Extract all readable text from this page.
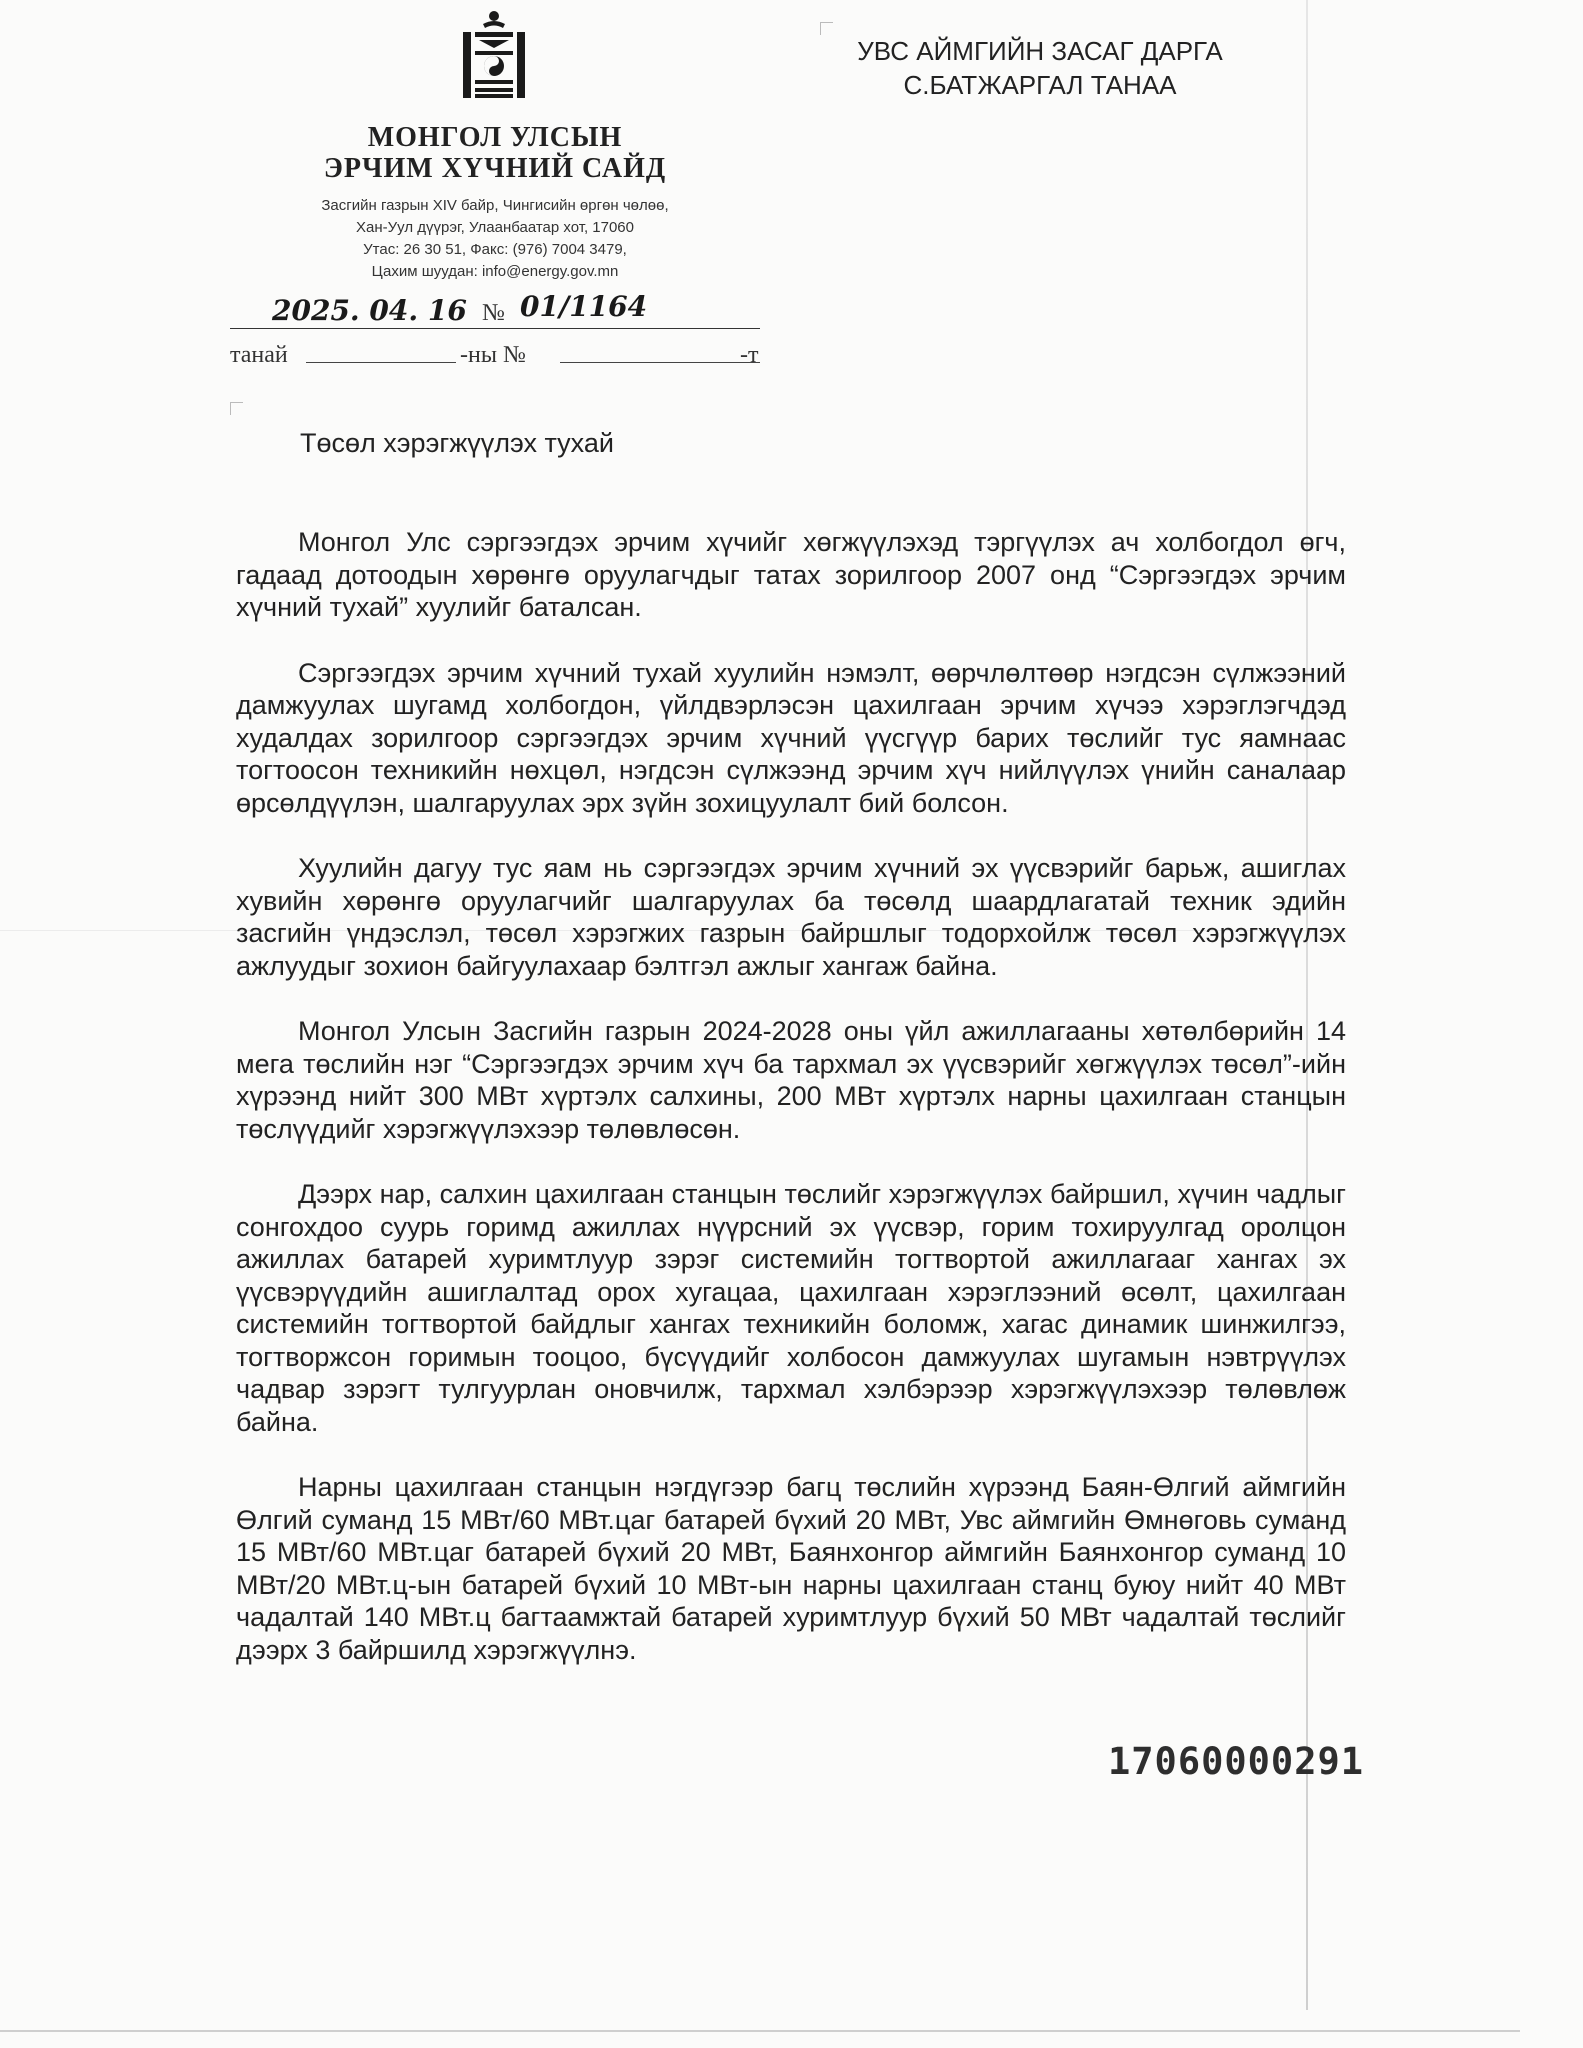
МОНГОЛ УЛСЫН
ЭРЧИМ ХҮЧНИЙ САЙД
Засгийн газрын XIV байр, Чингисийн өргөн чөлөө,
Хан-Уул дүүрэг, Улаанбаатар хот, 17060
Утас: 26 30 51, Факс: (976) 7004 3479,
Цахим шуудан: info@energy.gov.mn
УВС АЙМГИЙН ЗАСАГ ДАРГА
С.БАТЖАРГАЛ ТАНАА
2025. 04. 16 № 01/1164
танай	-ны №	-т
Төсөл хэрэгжүүлэх тухай

Монгол Улс сэргээгдэх эрчим хүчийг хөгжүүлэхэд тэргүүлэх ач холбогдол өгч, гадаад дотоодын хөрөнгө оруулагчдыг татах зорилгоор 2007 онд “Сэргээгдэх эрчим хүчний тухай” хуулийг баталсан.

Сэргээгдэх эрчим хүчний тухай хуулийн нэмэлт, өөрчлөлтөөр нэгдсэн сүлжээний дамжуулах шугамд холбогдон, үйлдвэрлэсэн цахилгаан эрчим хүчээ хэрэглэгчдэд худалдах зорилгоор сэргээгдэх эрчим хүчний үүсгүүр барих төслийг тус яамнаас тогтоосон техникийн нөхцөл, нэгдсэн сүлжээнд эрчим хүч нийлүүлэх үнийн саналаар өрсөлдүүлэн, шалгаруулах эрх зүйн зохицуулалт бий болсон.

Хуулийн дагуу тус яам нь сэргээгдэх эрчим хүчний эх үүсвэрийг барьж, ашиглах хувийн хөрөнгө оруулагчийг шалгаруулах ба төсөлд шаардлагатай техник эдийн засгийн үндэслэл, төсөл хэрэгжих газрын байршлыг тодорхойлж төсөл хэрэгжүүлэх ажлуудыг зохион байгуулахаар бэлтгэл ажлыг хангаж байна.

Монгол Улсын Засгийн газрын 2024-2028 оны үйл ажиллагааны хөтөлбөрийн 14 мега төслийн нэг “Сэргээгдэх эрчим хүч ба тархмал эх үүсвэрийг хөгжүүлэх төсөл”-ийн хүрээнд нийт 300 МВт хүртэлх салхины, 200 МВт хүртэлх нарны цахилгаан станцын төслүүдийг хэрэгжүүлэхээр төлөвлөсөн.

Дээрх нар, салхин цахилгаан станцын төслийг хэрэгжүүлэх байршил, хүчин чадлыг сонгохдоо суурь горимд ажиллах нүүрсний эх үүсвэр, горим тохируулгад оролцон ажиллах батарей хуримтлуур зэрэг системийн тогтвортой ажиллагааг хангах эх үүсвэрүүдийн ашиглалтад орох хугацаа, цахилгаан хэрэглээний өсөлт, цахилгаан системийн тогтвортой байдлыг хангах техникийн боломж, хагас динамик шинжилгээ, тогтворжсон горимын тооцоо, бүсүүдийг холбосон дамжуулах шугамын нэвтрүүлэх чадвар зэрэгт тулгуурлан оновчилж, тархмал хэлбэрээр хэрэгжүүлэхээр төлөвлөж байна.

Нарны цахилгаан станцын нэгдүгээр багц төслийн хүрээнд Баян-Өлгий аймгийн Өлгий суманд 15 МВт/60 МВт.цаг батарей бүхий 20 МВт, Увс аймгийн Өмнөговь суманд 15 МВт/60 МВт.цаг батарей бүхий 20 МВт, Баянхонгор аймгийн Баянхонгор суманд 10 МВт/20 МВт.ц-ын батарей бүхий 10 МВт-ын нарны цахилгаан станц буюу нийт 40 МВт чадалтай 140 МВт.ц багтаамжтай батарей хуримтлуур бүхий 50 МВт чадалтай төслийг дээрх 3 байршилд хэрэгжүүлнэ.

17060000291
